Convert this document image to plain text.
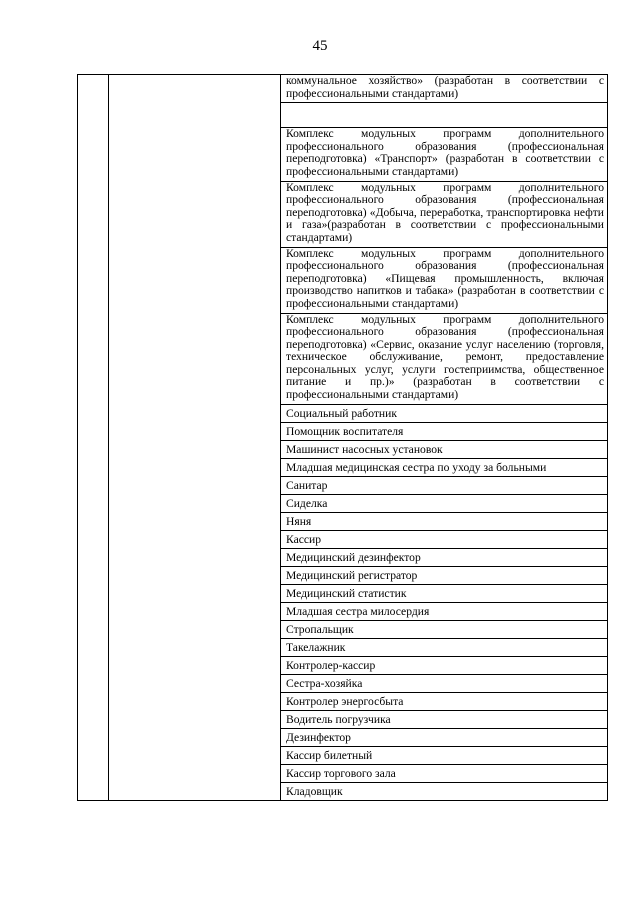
45
		коммунальное хозяйство» (разработан в соответствии с профессиональными стандартами)

Комплекс модульных программ дополнительного профессионального образования (профессиональная переподготовка) «Транспорт» (разработан в соответствии с профессиональными стандартами)
Комплекс модульных программ дополнительного профессионального образования (профессиональная переподготовка) «Добыча, переработка, транспортировка нефти и газа»(разработан в соответствии с профессиональными стандартами)
Комплекс модульных программ дополнительного профессионального образования (профессиональная переподготовка) «Пищевая промышленность, включая производство напитков и табака» (разработан в соответствии с профессиональными стандартами)
Комплекс модульных программ дополнительного профессионального образования (профессиональная переподготовка) «Сервис, оказание услуг населению (торговля, техническое обслуживание, ремонт, предоставление персональных услуг, услуги гостеприимства, общественное питание и пр.)» (разработан в соответствии с профессиональными стандартами)
Социальный работник
Помощник воспитателя
Машинист насосных установок
Младшая медицинская сестра по уходу за больными
Санитар
Сиделка
Няня
Кассир
Медицинский дезинфектор
Медицинский регистратор
Медицинский статистик
Младшая сестра милосердия
Стропальщик
Такелажник
Контролер-кассир
Сестра-хозяйка
Контролер энергосбыта
Водитель погрузчика
Дезинфектор
Кассир билетный
Кассир торгового зала
Кладовщик
